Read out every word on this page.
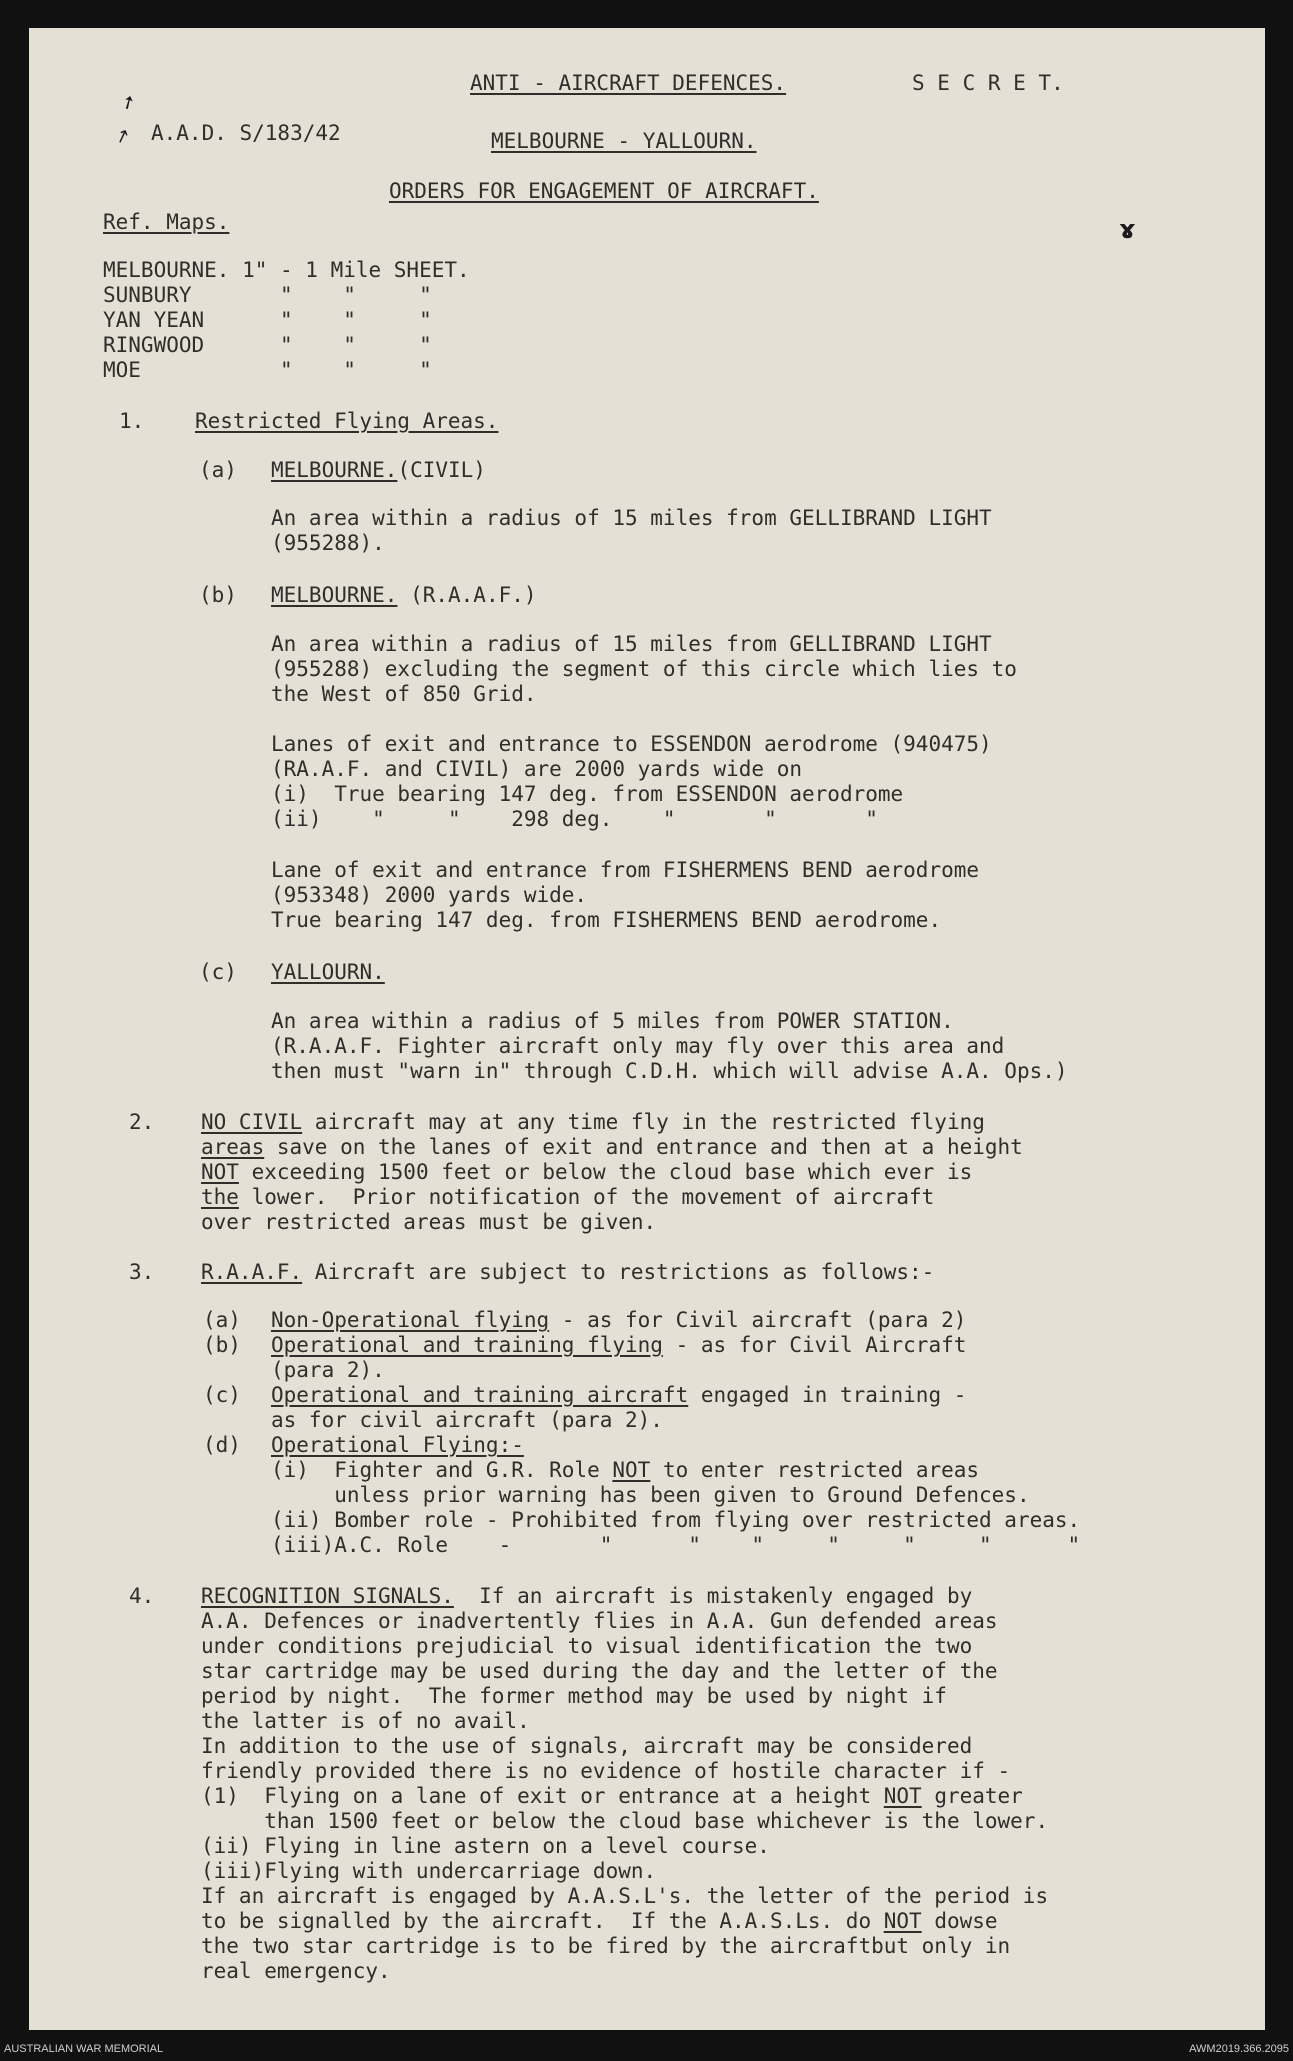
➚
↗
ɤ
ANTI - AIRCRAFT DEFENCES.	S E C R E T.
A.A.D. S/183/42	MELBOURNE - YALLOURN.
ORDERS FOR ENGAGEMENT OF AIRCRAFT.
Ref. Maps.
MELBOURNE. 1" - 1 Mile SHEET.
SUNBURY       "    "     "
YAN YEAN      "    "     "
RINGWOOD      "    "     "
MOE           "    "     "
1. Restricted Flying Areas.
(a) MELBOURNE.(CIVIL)
An area within a radius of 15 miles from GELLIBRAND LIGHT
(955288).
(b) MELBOURNE. (R.A.A.F.)
An area within a radius of 15 miles from GELLIBRAND LIGHT
(955288) excluding the segment of this circle which lies to
the West of 850 Grid.
Lanes of exit and entrance to ESSENDON aerodrome (940475)
(RA.A.F. and CIVIL) are 2000 yards wide on
(i)  True bearing 147 deg. from ESSENDON aerodrome
(ii)    "     "    298 deg.    "       "       "
Lane of exit and entrance from FISHERMENS BEND aerodrome
(953348) 2000 yards wide.
True bearing 147 deg. from FISHERMENS BEND aerodrome.
(c) YALLOURN.
An area within a radius of 5 miles from POWER STATION.
(R.A.A.F. Fighter aircraft only may fly over this area and
then must "warn in" through C.D.H. which will advise A.A. Ops.)
2. NO CIVIL aircraft may at any time fly in the restricted flying
areas save on the lanes of exit and entrance and then at a height
NOT exceeding 1500 feet or below the cloud base which ever is
the lower.  Prior notification of the movement of aircraft
over restricted areas must be given.
3. R.A.A.F. Aircraft are subject to restrictions as follows:-
(a) Non-Operational flying - as for Civil aircraft (para 2)
(b) Operational and training flying - as for Civil Aircraft
(para 2).
(c) Operational and training aircraft engaged in training -
as for civil aircraft (para 2).
(d) Operational Flying:-
(i)  Fighter and G.R. Role NOT to enter restricted areas
unless prior warning has been given to Ground Defences.
(ii) Bomber role - Prohibited from flying over restricted areas.
(iii)A.C. Role    -       "      "    "     "     "     "      "
4. RECOGNITION SIGNALS.  If an aircraft is mistakenly engaged by
A.A. Defences or inadvertently flies in A.A. Gun defended areas
under conditions prejudicial to visual identification the two
star cartridge may be used during the day and the letter of the
period by night.  The former method may be used by night if
the latter is of no avail.
In addition to the use of signals, aircraft may be considered
friendly provided there is no evidence of hostile character if -
(1)  Flying on a lane of exit or entrance at a height NOT greater
than 1500 feet or below the cloud base whichever is the lower.
(ii) Flying in line astern on a level course.
(iii)Flying with undercarriage down.
If an aircraft is engaged by A.A.S.L's. the letter of the period is
to be signalled by the aircraft.  If the A.A.S.Ls. do NOT dowse
the two star cartridge is to be fired by the aircraftbut only in
real emergency.
AUSTRALIAN WAR MEMORIAL	AWM2019.366.2095
